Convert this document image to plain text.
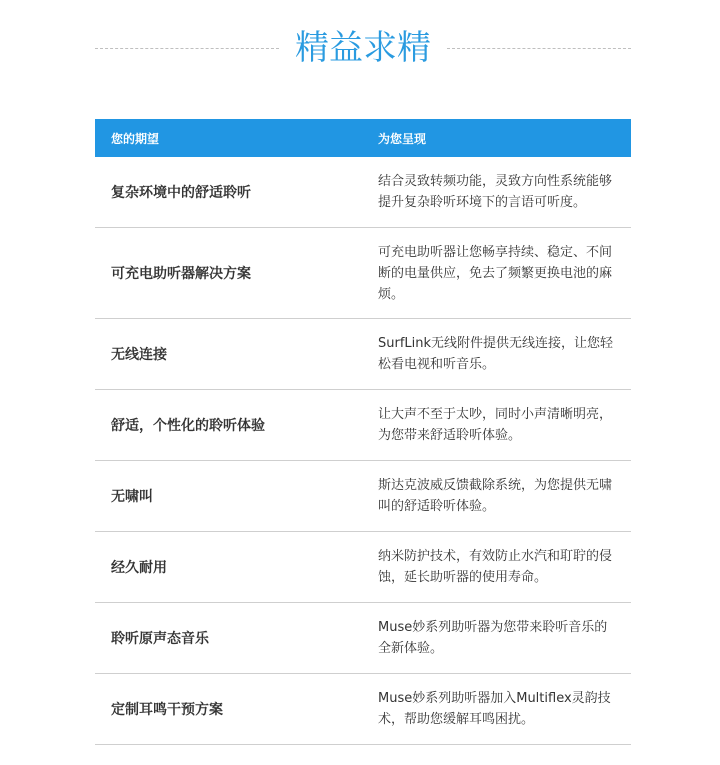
精益求精
您的期望	为您呈现
复杂环境中的舒适聆听
结合灵致转频功能，灵致方向性系统能够提升复杂聆听环境下的言语可听度。
可充电助听器解决方案
可充电助听器让您畅享持续、稳定、不间断的电量供应，免去了频繁更换电池的麻烦。
无线连接
SurfLink无线附件提供无线连接，让您轻松看电视和听音乐。
舒适，个性化的聆听体验
让大声不至于太吵，同时小声清晰明亮，为您带来舒适聆听体验。
无啸叫
斯达克波威反馈截除系统，为您提供无啸叫的舒适聆听体验。
经久耐用
纳米防护技术，有效防止水汽和耵聍的侵蚀，延长助听器的使用寿命。
聆听原声态音乐
Muse妙系列助听器为您带来聆听音乐的全新体验。
定制耳鸣干预方案
Muse妙系列助听器加入Multiflex灵韵技术，帮助您缓解耳鸣困扰。
